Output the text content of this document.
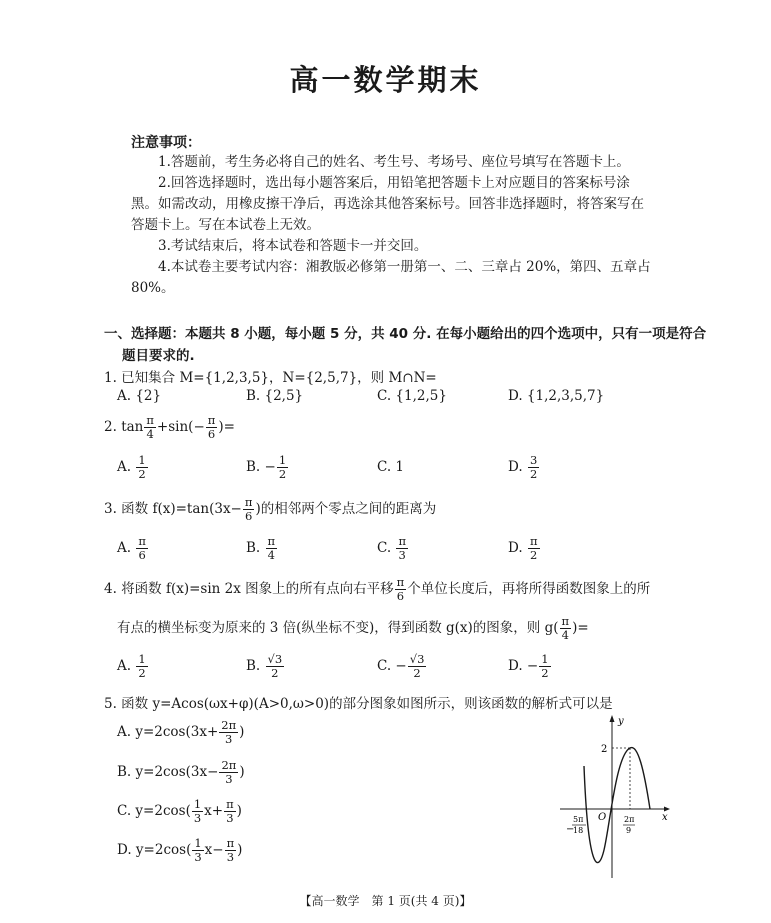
高一数学期末
注意事项：
1.答题前，考生务必将自己的姓名、考生号、考场号、座位号填写在答题卡上。
2.回答选择题时，选出每小题答案后，用铅笔把答题卡上对应题目的答案标号涂
黑。如需改动，用橡皮擦干净后，再选涂其他答案标号。回答非选择题时，将答案写在
答题卡上。写在本试卷上无效。
3.考试结束后，将本试卷和答题卡一并交回。
4.本试卷主要考试内容：湘教版必修第一册第一、二、三章占 20%，第四、五章占
80%。
一、选择题：本题共 8 小题，每小题 5 分，共 40 分. 在每小题给出的四个选项中，只有一项是符合
题目要求的.
1. 已知集合 M={1,2,3,5}，N={2,5,7}，则 M∩N=
A. {2}	B. {2,5}	C. {1,2,5}	D. {1,2,3,5,7}
2. $\tan \frac{\pi}{4} +\sin(- \frac{\pi}{6}$ )=
A. $\frac{1}{2}$	B. − $\frac{1}{2}$	C. 1	D. $\frac{3}{2}$
3. 函数 $f(x)=\tan(3x- \frac{\pi}{6}$ )的相邻两个零点之间的距离为
A. $\frac{\pi}{6}$	B. $\frac{\pi}{4}$	C. $\frac{\pi}{3}$	D. $\frac{\pi}{2}$
4. 将函数 f(x)=sin 2x 图象上的所有点向右平移 $\frac{\pi}{6}$ 个单位长度后，再将所得函数图象上的所
有点的横坐标变为原来的 3 倍(纵坐标不变)，得到函数 g(x)的图象，则 $g( \frac{\pi}{4}$ )=
A. $\frac{1}{2}$	B. $\frac{√3}{2}$	C. − $\frac{√3}{2}$	D. − $\frac{1}{2}$
5. 函数 y=Acos(ωx+φ)(A>0,ω>0)的部分图象如图所示，则该函数的解析式可以是
A. $y=2\cos(3x+ \frac{2\pi}{3}$ )
B. $y=2\cos(3x- \frac{2\pi}{3}$ )
C. $y=2\cos( \frac{1}{3} x+ \frac{\pi}{3}$ )
D. $y=2\cos( \frac{1}{3} x- \frac{\pi}{3}$ )
y
x
O
2
−
5π
18
2π
9
【高一数学　第 1 页(共 4 页)】
